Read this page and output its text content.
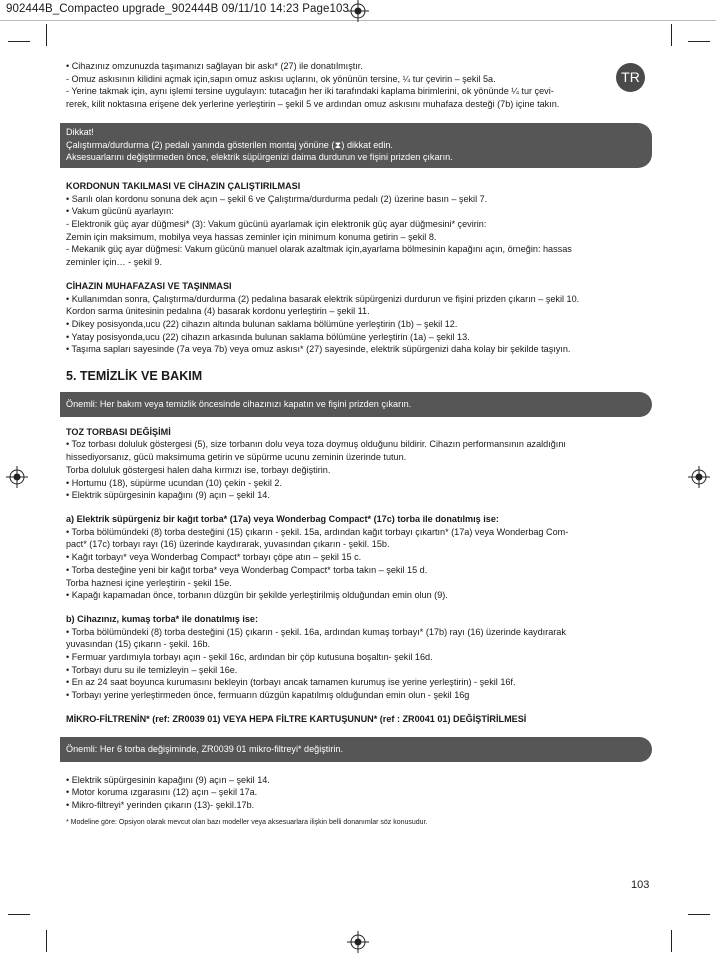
902444B_Compacteo upgrade_902444B 09/11/10 14:23 Page103
TR

• Cihazınız omzunuzda taşımanızı sağlayan bir askı* (27) ile donatılmıştır.

- Omuz askısının kilidini açmak için,sapın omuz askısı uçlarını, ok yönünün tersine, ¼ tur çevirin – şekil 5a.

- Yerine takmak için, aynı işlemi tersine uygulayın: tutacağın her iki tarafındaki kaplama birimlerini, ok yönünde ¼ tur çevi-

rerek, kilit noktasına erişene dek yerlerine yerleştirin – şekil 5 ve ardından omuz askısını muhafaza desteği (7b) içine takın.

Dikkat!

Çalıştırma/durdurma (2) pedalı yanında gösterilen montaj yönüne (⧗) dikkat edin.

Aksesuarlarını değiştirmeden önce, elektrik süpürgenizi daima durdurun ve fişini prizden çıkarın.

KORDONUN TAKILMASI VE CİHAZIN ÇALIŞTIRILMASI

• Sarılı olan kordonu sonuna dek açın – şekil 6 ve Çalıştırma/durdurma pedalı (2) üzerine basın – şekil 7.

• Vakum gücünü ayarlayın:

- Elektronik güç ayar düğmesi* (3): Vakum gücünü ayarlamak için elektronik güç ayar düğmesini* çevirin:

Zemin için maksimum, mobilya veya hassas zeminler için minimum konuma getirin – şekil 8.

- Mekanik güç ayar düğmesi: Vakum gücünü manuel olarak azaltmak için,ayarlama bölmesinin kapağını açın, örneğin: hassas

zeminler için… - şekil 9.

CİHAZIN MUHAFAZASI VE TAŞINMASI

• Kullanımdan sonra, Çalıştırma/durdurma (2) pedalına basarak elektrik süpürgenizi durdurun ve fişini prizden çıkarın – şekil 10.

Kordon sarma ünitesinin pedalına (4) basarak kordonu yerleştirin – şekil 11.

• Dikey posisyonda,ucu (22) cihazın altında bulunan saklama bölümüne yerleştirin (1b) – şekil 12.

• Yatay posisyonda,ucu (22) cihazın arkasında bulunan saklama bölümüne yerleştirin (1a) – şekil 13.

• Taşıma sapları sayesinde (7a veya 7b) veya omuz askısı* (27) sayesinde, elektrik süpürgenizi daha kolay bir şekilde taşıyın.

5. TEMİZLİK VE BAKIM

Önemli: Her bakım veya temizlik öncesinde cihazınızı kapatın ve fişini prizden çıkarın.

TOZ TORBASI DEĞİŞİMİ

• Toz torbası doluluk göstergesi (5), size torbanın dolu veya toza doymuş olduğunu bildirir. Cihazın performansının azaldığını

hissediyorsanız, gücü maksimuma getirin ve süpürme ucunu zeminin üzerinde tutun.

Torba doluluk göstergesi halen daha kırmızı ise, torbayı değiştirin.

• Hortumu (18), süpürme ucundan (10) çekin - şekil 2.

• Elektrik süpürgesinin kapağını (9) açın – şekil 14.

a) Elektrik süpürgeniz bir kağıt torba* (17a) veya Wonderbag Compact* (17c) torba ile donatılmış ise:

• Torba bölümündeki (8) torba desteğini (15) çıkarın - şekil. 15a, ardından kağıt torbayı çıkartın* (17a) veya Wonderbag Com-

pact* (17c) torbayı rayı (16) üzerinde kaydırarak, yuvasından çıkarın - şekil. 15b.

• Kağıt torbayı* veya Wonderbag Compact* torbayı çöpe atın – şekil 15 c.

• Torba desteğine yeni bir kağıt torba* veya Wonderbag Compact* torba takın – şekil 15 d.

Torba haznesi içine yerleştirin - şekil 15e.

• Kapağı kapamadan önce, torbanın düzgün bir şekilde yerleştirilmiş olduğundan emin olun (9).

b) Cihazınız, kumaş torba* ile donatılmış ise:

• Torba bölümündeki (8) torba desteğini (15) çıkarın - şekil. 16a, ardından kumaş torbayı* (17b) rayı (16) üzerinde kaydırarak

yuvasından (15) çıkarın - şekil. 16b.

• Fermuar yardımıyla torbayı açın - şekil 16c, ardından bir çöp kutusuna boşaltın- şekil 16d.

• Torbayı duru su ile temizleyin – şekil 16e.

• En az 24 saat boyunca kurumasını bekleyin (torbayı ancak tamamen kurumuş ise yerine yerleştirin) - şekil 16f.

• Torbayı yerine yerleştirmeden önce, fermuarın düzgün kapatılmış olduğundan emin olun - şekil 16g

MİKRO-FİLTRENİN* (ref: ZR0039 01) VEYA HEPA FİLTRE KARTUŞUNUN* (ref : ZR0041 01) DEĞİŞTİRİLMESİ

Önemli: Her 6 torba değişiminde, ZR0039 01 mikro-filtreyi* değiştirin.

• Elektrik süpürgesinin kapağını (9) açın – şekil 14.

• Motor koruma ızgarasını (12) açın – şekil 17a.

• Mikro-filtreyi* yerinden çıkarın (13)- şekil.17b.

* Modeline göre: Opsiyon olarak mevcut olan bazı modeller veya aksesuarlara ilişkin belli donanımlar söz konusudur.

103
